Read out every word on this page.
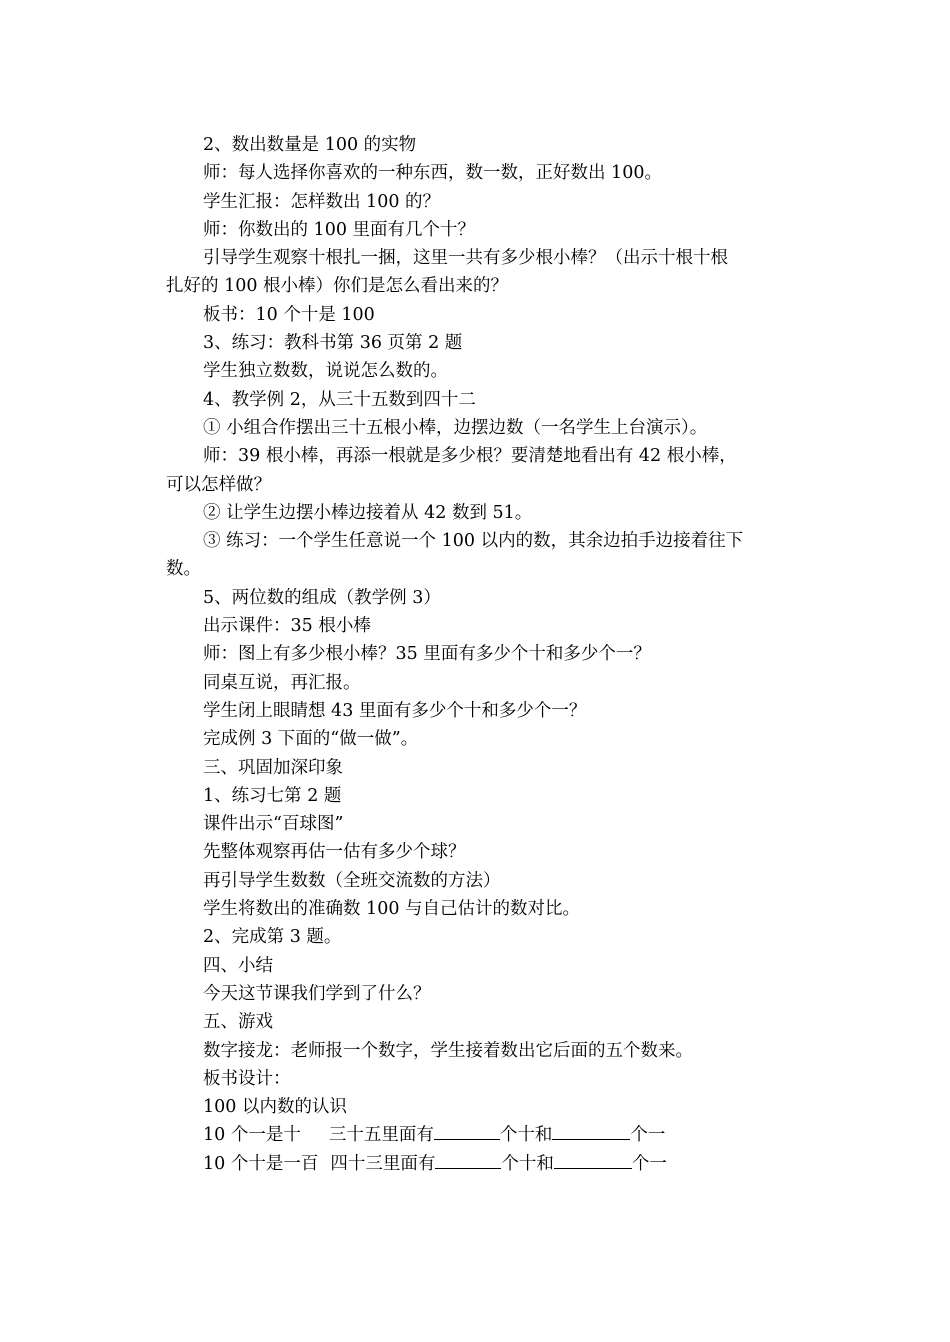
2、数出数量是 100 的实物
师：每人选择你喜欢的一种东西，数一数，正好数出 100。
学生汇报：怎样数出 100 的？
师：你数出的 100 里面有几个十？
引导学生观察十根扎一捆，这里一共有多少根小棒？（出示十根十根
扎好的 100 根小棒）你们是怎么看出来的？
板书：10 个十是 100
3、练习：教科书第 36 页第 2 题
学生独立数数，说说怎么数的。
4、教学例 2，从三十五数到四十二
① 小组合作摆出三十五根小棒，边摆边数（一名学生上台演示）。
师：39 根小棒，再添一根就是多少根？要清楚地看出有 42 根小棒，
可以怎样做？
② 让学生边摆小棒边接着从 42 数到 51。
③ 练习：一个学生任意说一个 100 以内的数，其余边拍手边接着往下
数。
5、两位数的组成（教学例 3）
出示课件：35 根小棒
师：图上有多少根小棒？35 里面有多少个十和多少个一？
同桌互说，再汇报。
学生闭上眼睛想 43 里面有多少个十和多少个一？
完成例 3 下面的“做一做”。
三、巩固加深印象
1、练习七第 2 题
课件出示“百球图”
先整体观察再估一估有多少个球？
再引导学生数数（全班交流数的方法）
学生将数出的准确数 100 与自己估计的数对比。
2、完成第 3 题。
四、小结
今天这节课我们学到了什么？
五、游戏
数字接龙：老师报一个数字，学生接着数出它后面的五个数来。
板书设计：
100 以内数的认识
10 个一是十 三十五里面有	个十和	个一
10 个十是一百 四十三里面有	个十和	个一
